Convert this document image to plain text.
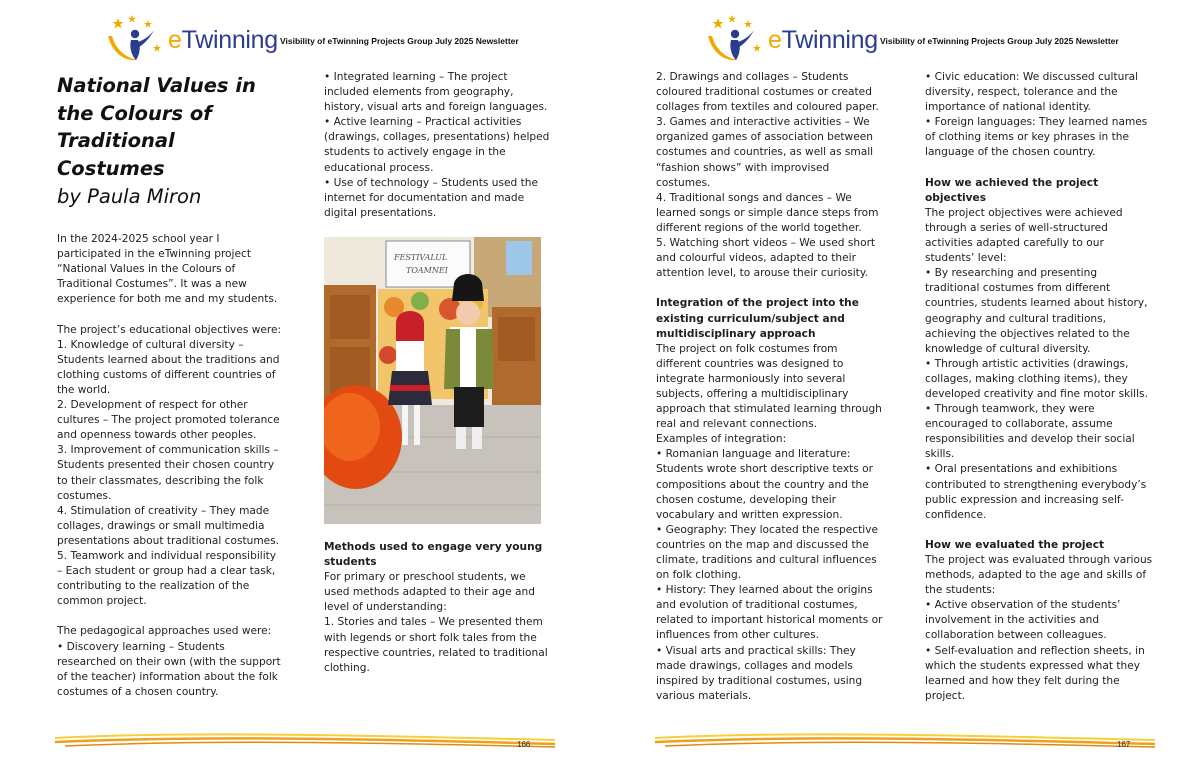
eTwinning Visibility of eTwinning Projects Group July 2025 Newsletter

National Values in

the Colours of

Traditional

Costumes

by Paula Miron

In the 2024-2025 school year I

participated in the eTwinning project

“National Values in the Colours of

Traditional Costumes”. It was a new

experience for both me and my students.

The project’s educational objectives were:

1. Knowledge of cultural diversity –

Students learned about the traditions and

clothing customs of different countries of

the world.

2. Development of respect for other

cultures – The project promoted tolerance

and openness towards other peoples.

3. Improvement of communication skills –

Students presented their chosen country

to their classmates, describing the folk

costumes.

4. Stimulation of creativity – They made

collages, drawings or small multimedia

presentations about traditional costumes.

5. Teamwork and individual responsibility

– Each student or group had a clear task,

contributing to the realization of the

common project.

The pedagogical approaches used were:

• Discovery learning – Students

researched on their own (with the support

of the teacher) information about the folk

costumes of a chosen country.

• Integrated learning – The project

included elements from geography,

history, visual arts and foreign languages.

• Active learning – Practical activities

(drawings, collages, presentations) helped

students to actively engage in the

educational process.

• Use of technology – Students used the

internet for documentation and made

digital presentations.

FESTIVALUL
TOAMNEI

Methods used to engage very young

students

For primary or preschool students, we

used methods adapted to their age and

level of understanding:

1. Stories and tales – We presented them

with legends or short folk tales from the

respective countries, related to traditional

clothing.

166
eTwinning Visibility of eTwinning Projects Group July 2025 Newsletter

2. Drawings and collages – Students

coloured traditional costumes or created

collages from textiles and coloured paper.

3. Games and interactive activities – We

organized games of association between

costumes and countries, as well as small

“fashion shows” with improvised

costumes.

4. Traditional songs and dances – We

learned songs or simple dance steps from

different regions of the world together.

5. Watching short videos – We used short

and colourful videos, adapted to their

attention level, to arouse their curiosity.

Integration of the project into the

existing curriculum/subject and

multidisciplinary approach

The project on folk costumes from

different countries was designed to

integrate harmoniously into several

subjects, offering a multidisciplinary

approach that stimulated learning through

real and relevant connections.

Examples of integration:

• Romanian language and literature:

Students wrote short descriptive texts or

compositions about the country and the

chosen costume, developing their

vocabulary and written expression.

• Geography: They located the respective

countries on the map and discussed the

climate, traditions and cultural influences

on folk clothing.

• History: They learned about the origins

and evolution of traditional costumes,

related to important historical moments or

influences from other cultures.

• Visual arts and practical skills: They

made drawings, collages and models

inspired by traditional costumes, using

various materials.

• Civic education: We discussed cultural

diversity, respect, tolerance and the

importance of national identity.

• Foreign languages: They learned names

of clothing items or key phrases in the

language of the chosen country.

How we achieved the project

objectives

The project objectives were achieved

through a series of well-structured

activities adapted carefully to our

students’ level:

• By researching and presenting

traditional costumes from different

countries, students learned about history,

geography and cultural traditions,

achieving the objectives related to the

knowledge of cultural diversity.

• Through artistic activities (drawings,

collages, making clothing items), they

developed creativity and fine motor skills.

• Through teamwork, they were

encouraged to collaborate, assume

responsibilities and develop their social

skills.

• Oral presentations and exhibitions

contributed to strengthening everybody’s

public expression and increasing self-

confidence.

How we evaluated the project

The project was evaluated through various

methods, adapted to the age and skills of

the students:

• Active observation of the students’

involvement in the activities and

collaboration between colleagues.

• Self-evaluation and reflection sheets, in

which the students expressed what they

learned and how they felt during the

project.

167
